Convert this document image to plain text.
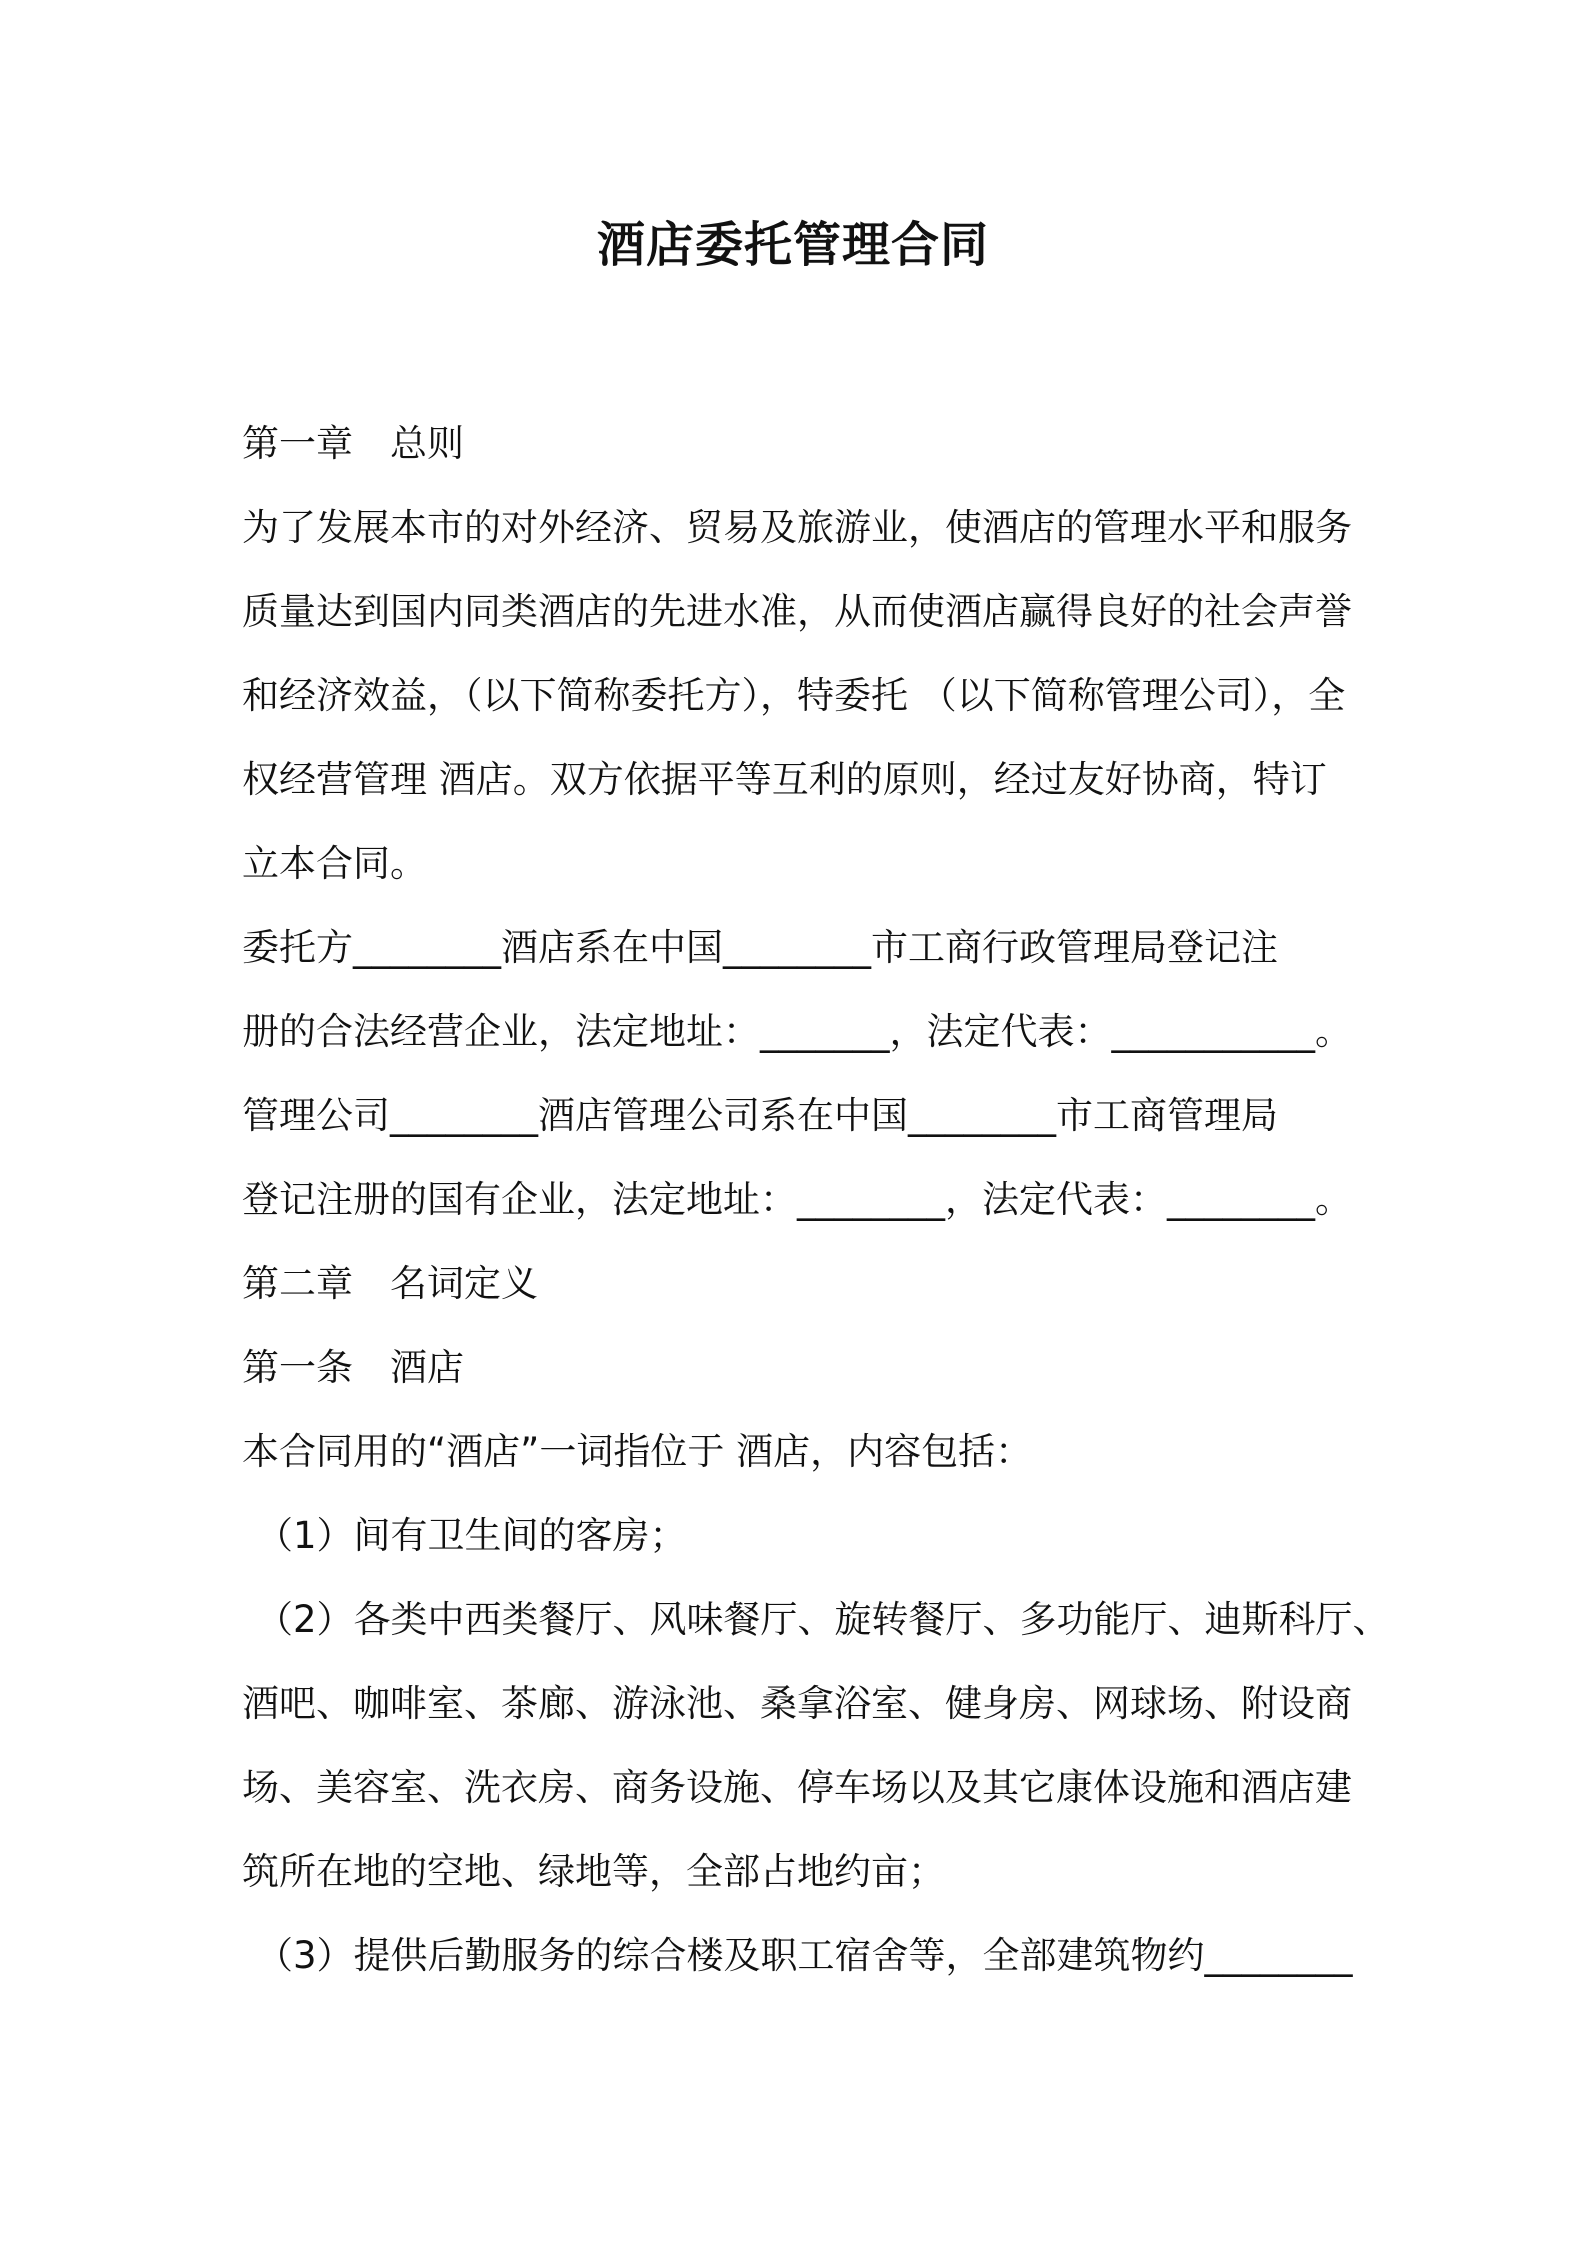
酒店委托管理合同
第一章　总则
为了发展本市的对外经济、贸易及旅游业，使酒店的管理水平和服务
质量达到国内同类酒店的先进水准，从而使酒店赢得良好的社会声誉
和经济效益，（以下简称委托方），特委托 （以下简称管理公司），全
权经营管理 酒店。双方依据平等互利的原则，经过友好协商，特订
立本合同。
委托方________酒店系在中国________市工商行政管理局登记注
册的合法经营企业，法定地址：_______，法定代表：___________。
管理公司________酒店管理公司系在中国________市工商管理局
登记注册的国有企业，法定地址：________，法定代表：________。
第二章　名词定义
第一条　酒店
本合同用的“酒店”一词指位于 酒店，内容包括：
（1）间有卫生间的客房；
（2）各类中西类餐厅、风味餐厅、旋转餐厅、多功能厅、迪斯科厅、
酒吧、咖啡室、茶廊、游泳池、桑拿浴室、健身房、网球场、附设商
场、美容室、洗衣房、商务设施、停车场以及其它康体设施和酒店建
筑所在地的空地、绿地等，全部占地约亩；
（3）提供后勤服务的综合楼及职工宿舍等，全部建筑物约________
